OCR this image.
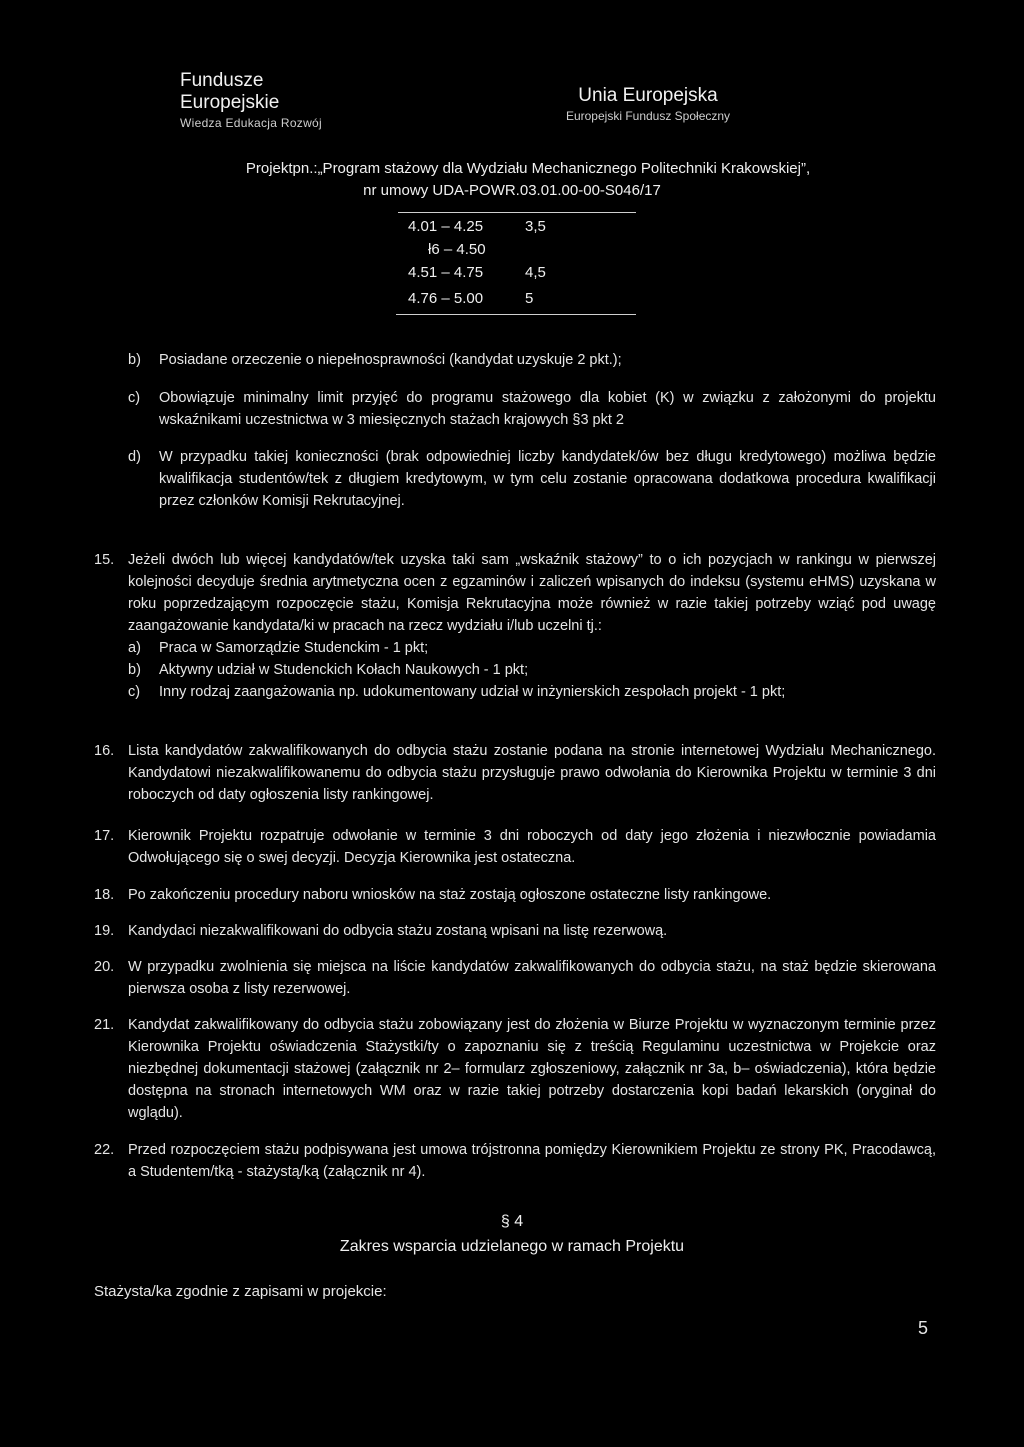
Fundusze
Europejskie
Wiedza Edukacja Rozwój
Unia Europejska
Europejski Fundusz Społeczny
Projektpn.:„Program stażowy dla Wydziału Mechanicznego Politechniki Krakowskiej”,
nr umowy UDA-POWR.03.01.00-00-S046/17
4.01 – 4.25	3,5
ł6 – 4.50
4.51 – 4.75	4,5
4.76 – 5.00	5
b)	Posiadane orzeczenie o niepełnosprawności (kandydat uzyskuje 2 pkt.);
c)	Obowiązuje minimalny limit przyjęć do programu stażowego dla kobiet (K) w związku z założonymi do projektu wskaźnikami uczestnictwa w 3 miesięcznych stażach krajowych §3 pkt 2
d)	W przypadku takiej konieczności (brak odpowiedniej liczby kandydatek/ów bez długu kredytowego) możliwa będzie kwalifikacja studentów/tek z długiem kredytowym, w tym celu zostanie opracowana dodatkowa procedura kwalifikacji przez członków Komisji Rekrutacyjnej.
15. Jeżeli dwóch lub więcej kandydatów/tek uzyska taki sam „wskaźnik stażowy” to o ich pozycjach w rankingu w pierwszej kolejności decyduje średnia arytmetyczna ocen z egzaminów i zaliczeń wpisanych do indeksu (systemu eHMS) uzyskana w roku poprzedzającym rozpoczęcie stażu, Komisja Rekrutacyjna może również w razie takiej potrzeby wziąć pod uwagę zaangażowanie kandydata/ki w pracach na rzecz wydziału i/lub uczelni tj.:
a)	Praca w Samorządzie Studenckim - 1 pkt;
b)	Aktywny udział w Studenckich Kołach Naukowych - 1 pkt;
c)	Inny rodzaj zaangażowania np. udokumentowany udział w inżynierskich zespołach projekt - 1 pkt;
16. Lista kandydatów zakwalifikowanych do odbycia stażu zostanie podana na stronie internetowej Wydziału Mechanicznego. Kandydatowi niezakwalifikowanemu do odbycia stażu przysługuje prawo odwołania do Kierownika Projektu w terminie 3 dni roboczych od daty ogłoszenia listy rankingowej.
17. Kierownik Projektu rozpatruje odwołanie w terminie 3 dni roboczych od daty jego złożenia i niezwłocznie powiadamia Odwołującego się o swej decyzji. Decyzja Kierownika jest ostateczna.
18. Po zakończeniu procedury naboru wniosków na staż zostają ogłoszone ostateczne listy rankingowe.
19. Kandydaci niezakwalifikowani do odbycia stażu zostaną wpisani na listę rezerwową.
20. W przypadku zwolnienia się miejsca na liście kandydatów zakwalifikowanych do odbycia stażu, na staż będzie skierowana pierwsza osoba z listy rezerwowej.
21. Kandydat zakwalifikowany do odbycia stażu zobowiązany jest do złożenia w Biurze Projektu w wyznaczonym terminie przez Kierownika Projektu oświadczenia Stażystki/ty o zapoznaniu się z treścią Regulaminu uczestnictwa w Projekcie oraz niezbędnej dokumentacji stażowej (załącznik nr 2– formularz zgłoszeniowy, załącznik nr 3a, b– oświadczenia), która będzie dostępna na stronach internetowych WM oraz w razie takiej potrzeby dostarczenia kopi badań lekarskich (oryginał do wglądu).
22. Przed rozpoczęciem stażu podpisywana jest umowa trójstronna pomiędzy Kierownikiem Projektu ze strony PK, Pracodawcą, a Studentem/tką - stażystą/ką (załącznik nr 4).
§ 4
Zakres wsparcia udzielanego w ramach Projektu
Stażysta/ka zgodnie z zapisami w projekcie:
5
